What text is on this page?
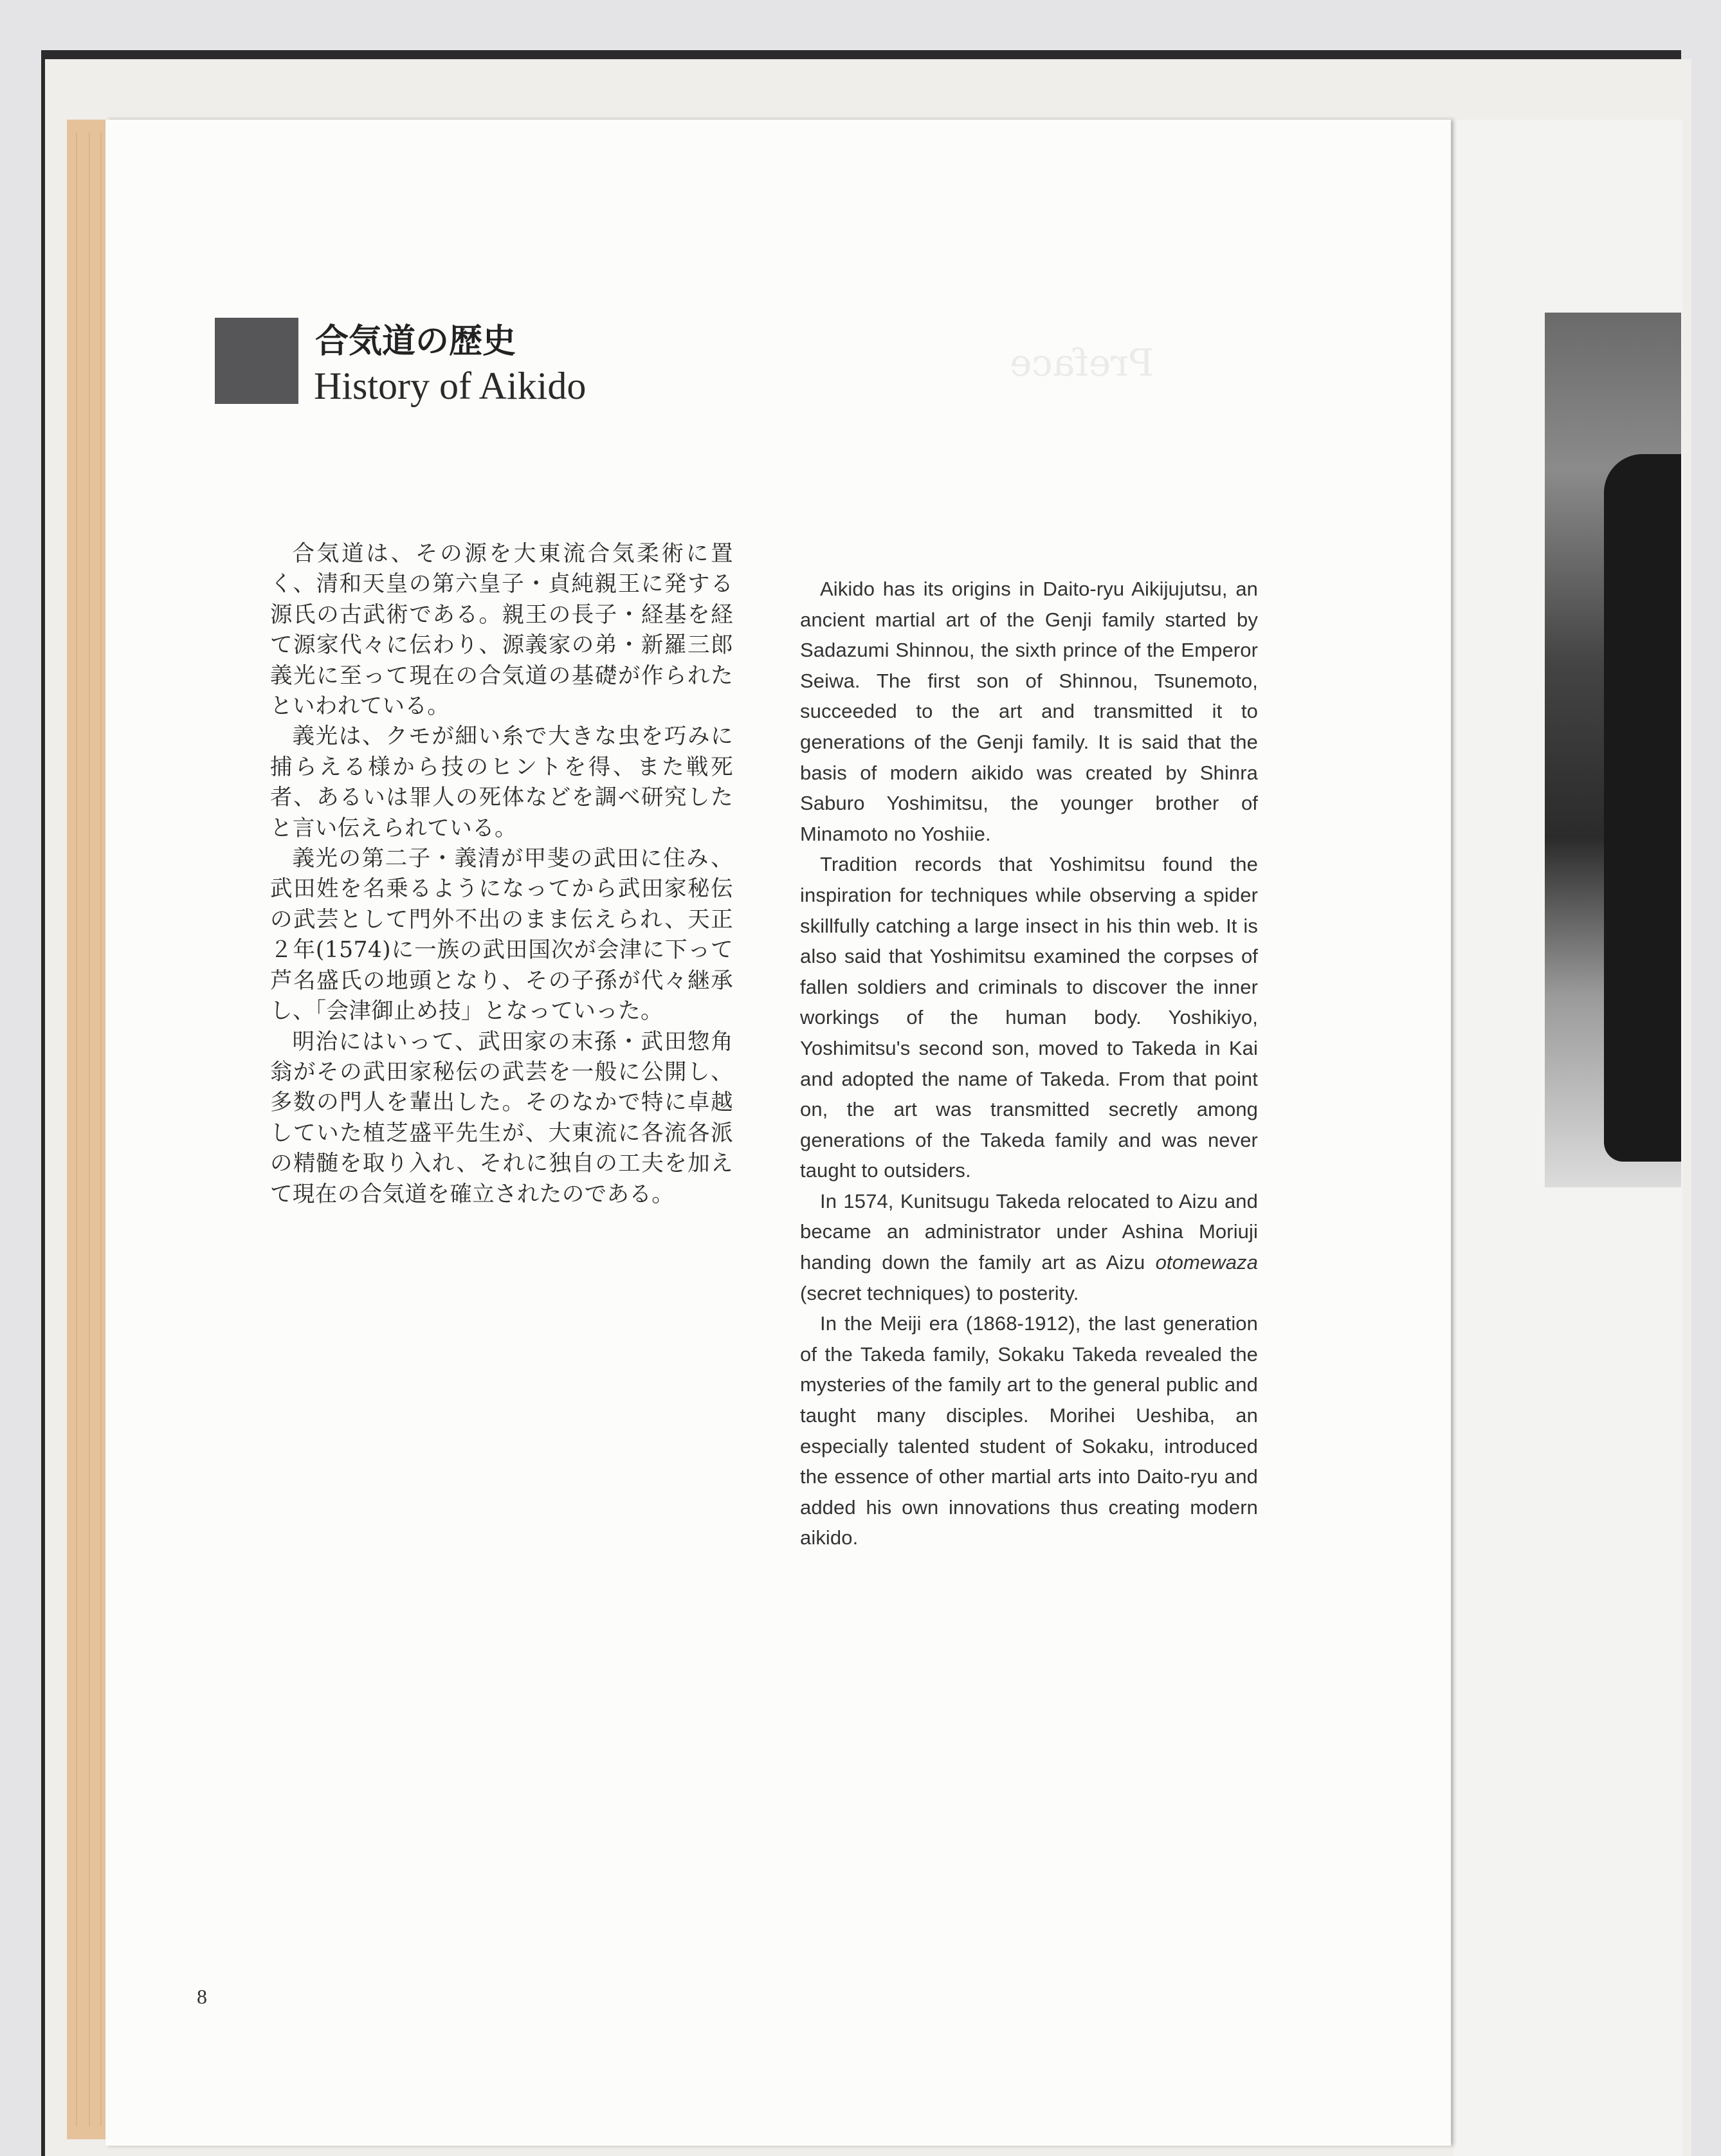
Preface
合気道の歴史
History of Aikido

合気道は、その源を大東流合気柔術に置く、清和天皇の第六皇子・貞純親王に発する源氏の古武術である。親王の長子・経基を経て源家代々に伝わり、源義家の弟・新羅三郎義光に至って現在の合気道の基礎が作られたといわれている。

義光は、クモが細い糸で大きな虫を巧みに捕らえる様から技のヒントを得、また戦死者、あるいは罪人の死体などを調べ研究したと言い伝えられている。

義光の第二子・義清が甲斐の武田に住み、武田姓を名乗るようになってから武田家秘伝の武芸として門外不出のまま伝えられ、天正２年(1574)に一族の武田国次が会津に下って芦名盛氏の地頭となり、その子孫が代々継承し、「会津御止め技」となっていった。

明治にはいって、武田家の末孫・武田惣角翁がその武田家秘伝の武芸を一般に公開し、多数の門人を輩出した。そのなかで特に卓越していた植芝盛平先生が、大東流に各流各派の精髄を取り入れ、それに独自の工夫を加えて現在の合気道を確立されたのである。

Aikido has its origins in Daito-ryu Aikijujutsu, an ancient martial art of the Genji family started by Sadazumi Shinnou, the sixth prince of the Emperor Seiwa. The first son of Shinnou, Tsunemoto, succeeded to the art and transmitted it to generations of the Genji family. It is said that the basis of modern aikido was created by Shinra Saburo Yoshimitsu, the younger brother of Minamoto no Yoshiie.

Tradition records that Yoshimitsu found the inspiration for techniques while observing a spider skillfully catching a large insect in his thin web. It is also said that Yoshimitsu examined the corpses of fallen soldiers and criminals to discover the inner workings of the human body. Yoshikiyo, Yoshimitsu's second son, moved to Takeda in Kai and adopted the name of Takeda. From that point on, the art was transmitted secretly among generations of the Takeda family and was never taught to outsiders.

In 1574, Kunitsugu Takeda relocated to Aizu and became an administrator under Ashina Moriuji handing down the family art as Aizu otomewaza (secret techniques) to posterity.

In the Meiji era (1868-1912), the last generation of the Takeda family, Sokaku Takeda revealed the mysteries of the family art to the general public and taught many disciples. Morihei Ueshiba, an especially talented student of Sokaku, introduced the essence of other martial arts into Daito-ryu and added his own innovations thus creating modern aikido.

8
